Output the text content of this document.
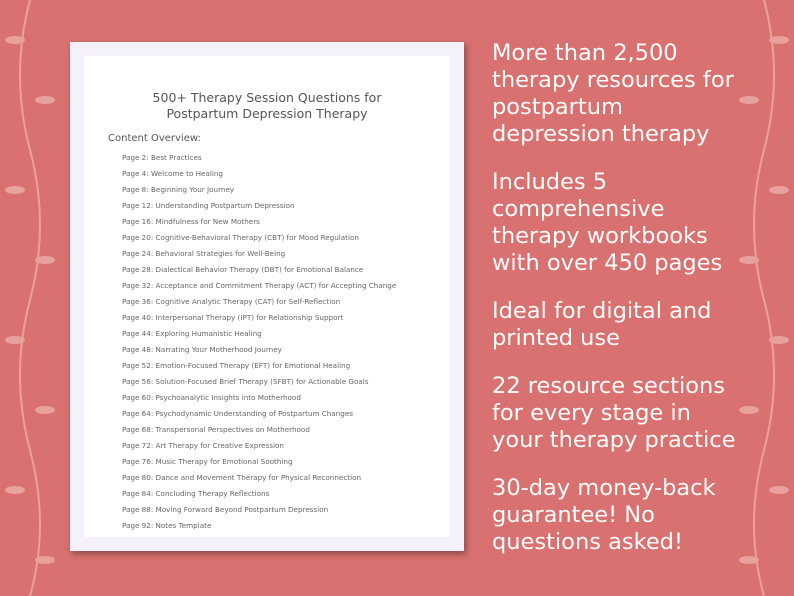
500+ Therapy Session Questions for
Postpartum Depression Therapy
Content Overview:
Page 2: Best Practices
Page 4: Welcome to Healing
Page 8: Beginning Your Journey
Page 12: Understanding Postpartum Depression
Page 16: Mindfulness for New Mothers
Page 20: Cognitive-Behavioral Therapy (CBT) for Mood Regulation
Page 24: Behavioral Strategies for Well-Being
Page 28: Dialectical Behavior Therapy (DBT) for Emotional Balance
Page 32: Acceptance and Commitment Therapy (ACT) for Accepting Change
Page 36: Cognitive Analytic Therapy (CAT) for Self-Reflection
Page 40: Interpersonal Therapy (IPT) for Relationship Support
Page 44: Exploring Humanistic Healing
Page 48: Narrating Your Motherhood Journey
Page 52: Emotion-Focused Therapy (EFT) for Emotional Healing
Page 56: Solution-Focused Brief Therapy (SFBT) for Actionable Goals
Page 60: Psychoanalytic Insights into Motherhood
Page 64: Psychodynamic Understanding of Postpartum Changes
Page 68: Transpersonal Perspectives on Motherhood
Page 72: Art Therapy for Creative Expression
Page 76: Music Therapy for Emotional Soothing
Page 80: Dance and Movement Therapy for Physical Reconnection
Page 84: Concluding Therapy Reflections
Page 88: Moving Forward Beyond Postpartum Depression
Page 92: Notes Template

More than 2,500 therapy resources for postpartum depression therapy

Includes 5 comprehensive therapy workbooks with over 450 pages

Ideal for digital and printed use

22 resource sections for every stage in your therapy practice

30-day money-back guarantee! No questions asked!
